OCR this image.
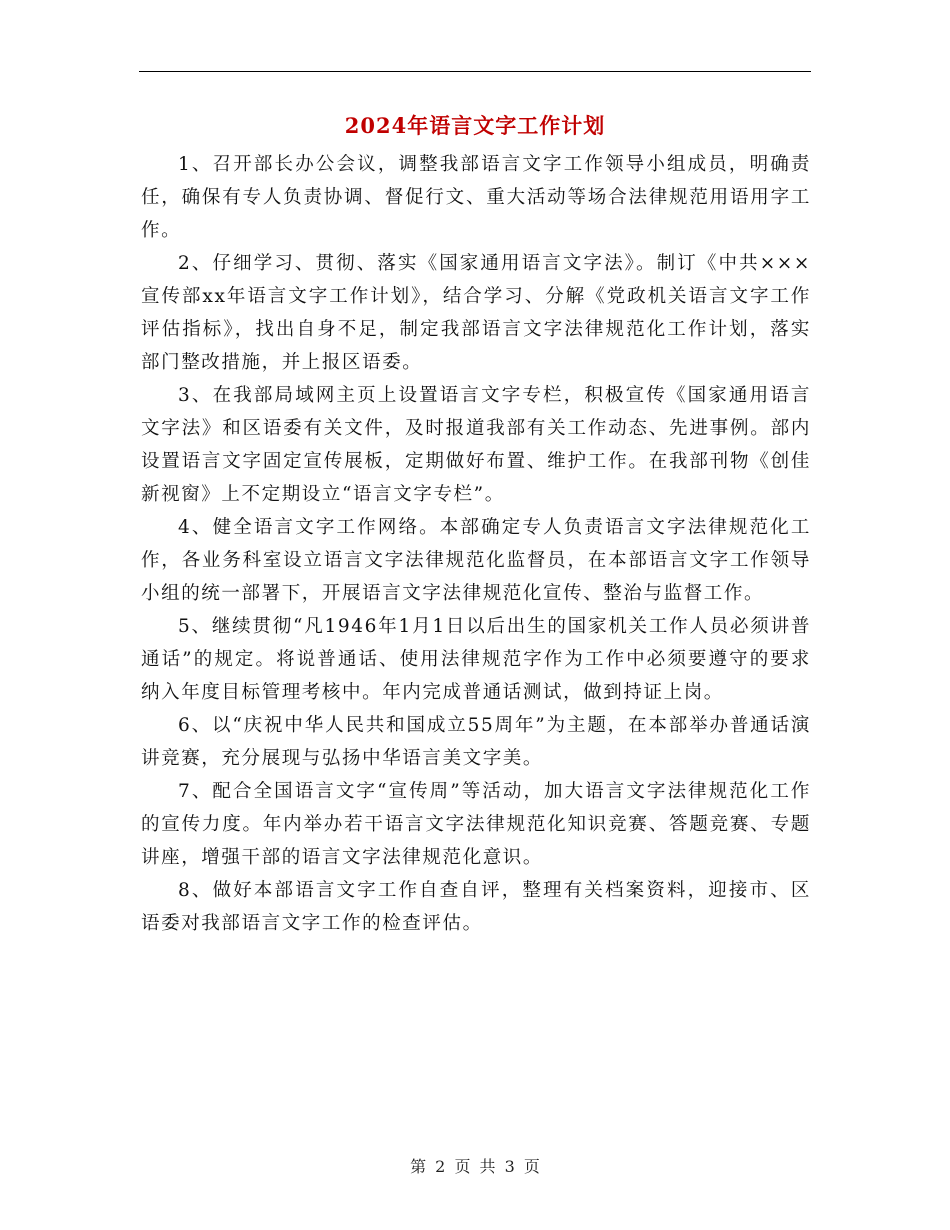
2024年语言文字工作计划

1、召开部长办公会议，调整我部语言文字工作领导小组成员，明确责任，确保有专人负责协调、督促行文、重大活动等场合法律规范用语用字工作。

2、仔细学习、贯彻、落实《国家通用语言文字法》。制订《中共×××宣传部xx年语言文字工作计划》，结合学习、分解《党政机关语言文字工作评估指标》，找出自身不足，制定我部语言文字法律规范化工作计划，落实部门整改措施，并上报区语委。

3、在我部局域网主页上设置语言文字专栏，积极宣传《国家通用语言文字法》和区语委有关文件，及时报道我部有关工作动态、先进事例。部内设置语言文字固定宣传展板，定期做好布置、维护工作。在我部刊物《创佳新视窗》上不定期设立“语言文字专栏”。

4、健全语言文字工作网络。本部确定专人负责语言文字法律规范化工作，各业务科室设立语言文字法律规范化监督员，在本部语言文字工作领导小组的统一部署下，开展语言文字法律规范化宣传、整治与监督工作。

5、继续贯彻“凡1946年1月1日以后出生的国家机关工作人员必须讲普通话”的规定。将说普通话、使用法律规范字作为工作中必须要遵守的要求纳入年度目标管理考核中。年内完成普通话测试，做到持证上岗。

6、以“庆祝中华人民共和国成立55周年”为主题，在本部举办普通话演讲竞赛，充分展现与弘扬中华语言美文字美。

7、配合全国语言文字“宣传周”等活动，加大语言文字法律规范化工作的宣传力度。年内举办若干语言文字法律规范化知识竞赛、答题竞赛、专题讲座，增强干部的语言文字法律规范化意识。

8、做好本部语言文字工作自查自评，整理有关档案资料，迎接市、区语委对我部语言文字工作的检查评估。

第 2 页 共 3 页
